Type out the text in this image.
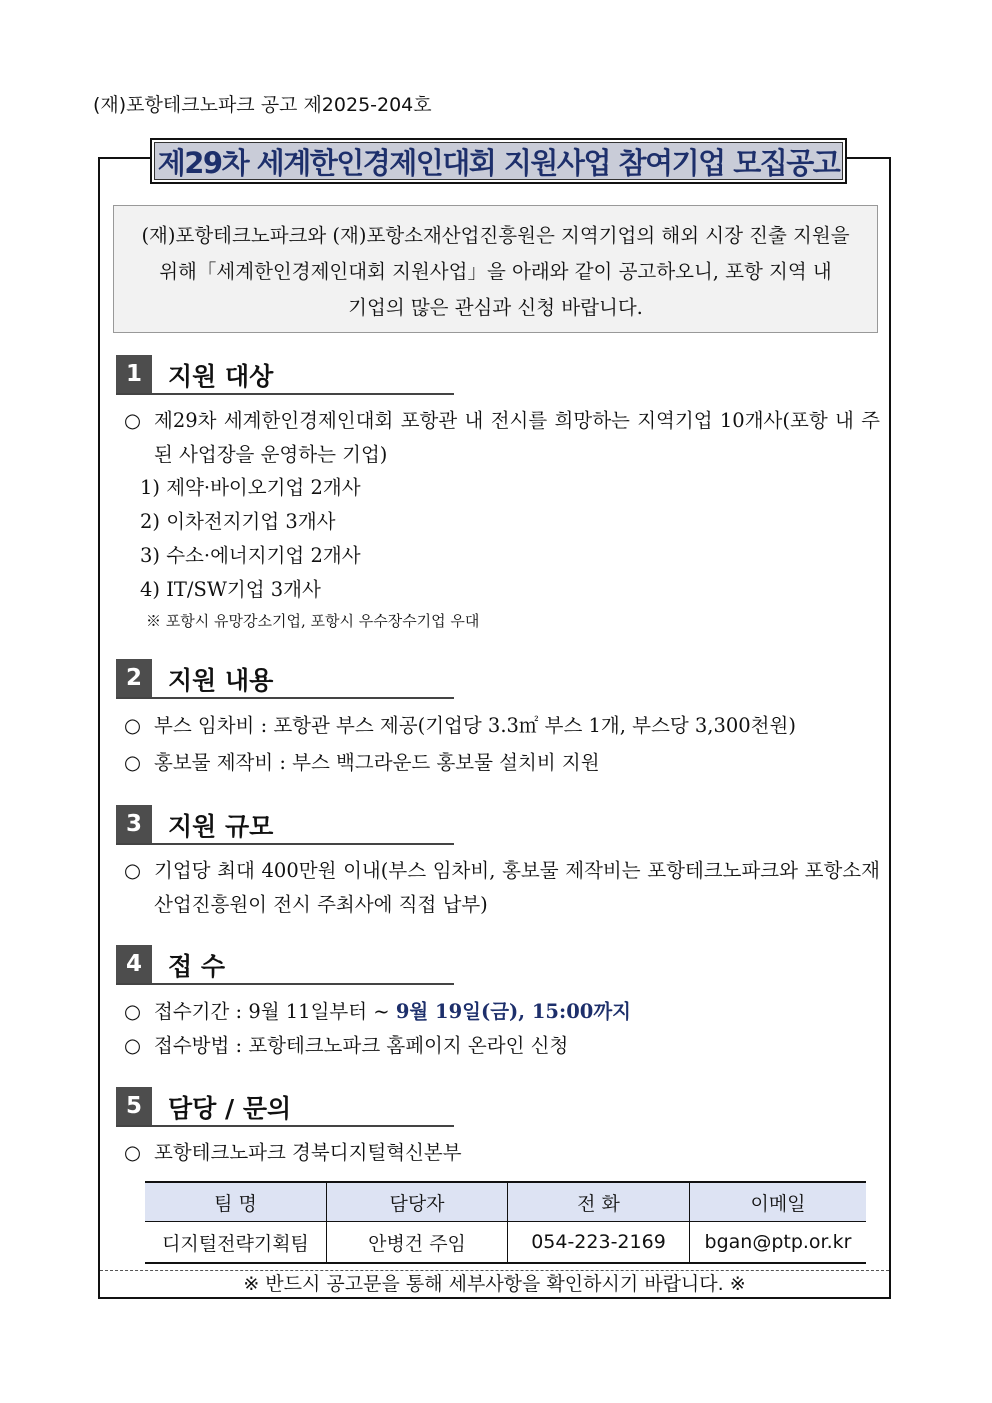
(재)포항테크노파크 공고 제2025-204호
제29차 세계한인경제인대회 지원사업 참여기업 모집공고
(재)포항테크노파크와 (재)포항소재산업진흥원은 지역기업의 해외 시장 진출 지원을 위해「세계한인경제인대회 지원사업」을 아래와 같이 공고하오니, 포항 지역 내 기업의 많은 관심과 신청 바랍니다.
1	지원 대상
○ 제29차 세계한인경제인대회 포항관 내 전시를 희망하는 지역기업 10개사(포항 내 주된 사업장을 운영하는 기업)
1) 제약·바이오기업 2개사
2) 이차전지기업 3개사
3) 수소·에너지기업 2개사
4) IT/SW기업 3개사
※ 포항시 유망강소기업, 포항시 우수장수기업 우대
2	지원 내용
○ 부스 임차비 : 포항관 부스 제공(기업당 3.3㎡ 부스 1개, 부스당 3,300천원)
○ 홍보물 제작비 : 부스 백그라운드 홍보물 설치비 지원
3	지원 규모
○ 기업당 최대 400만원 이내(부스 임차비, 홍보물 제작비는 포항테크노파크와 포항소재산업진흥원이 전시 주최사에 직접 납부)
4	접 수
○ 접수기간 : 9월 11일부터 ~ 9월 19일(금), 15:00까지
○ 접수방법 : 포항테크노파크 홈페이지 온라인 신청
5	담당 / 문의
○ 포항테크노파크 경북디지털혁신본부
팀 명	담당자	전 화	이메일
디지털전략기획팀	안병건 주임	054-223-2169	bgan@ptp.or.kr
※ 반드시 공고문을 통해 세부사항을 확인하시기 바랍니다. ※
